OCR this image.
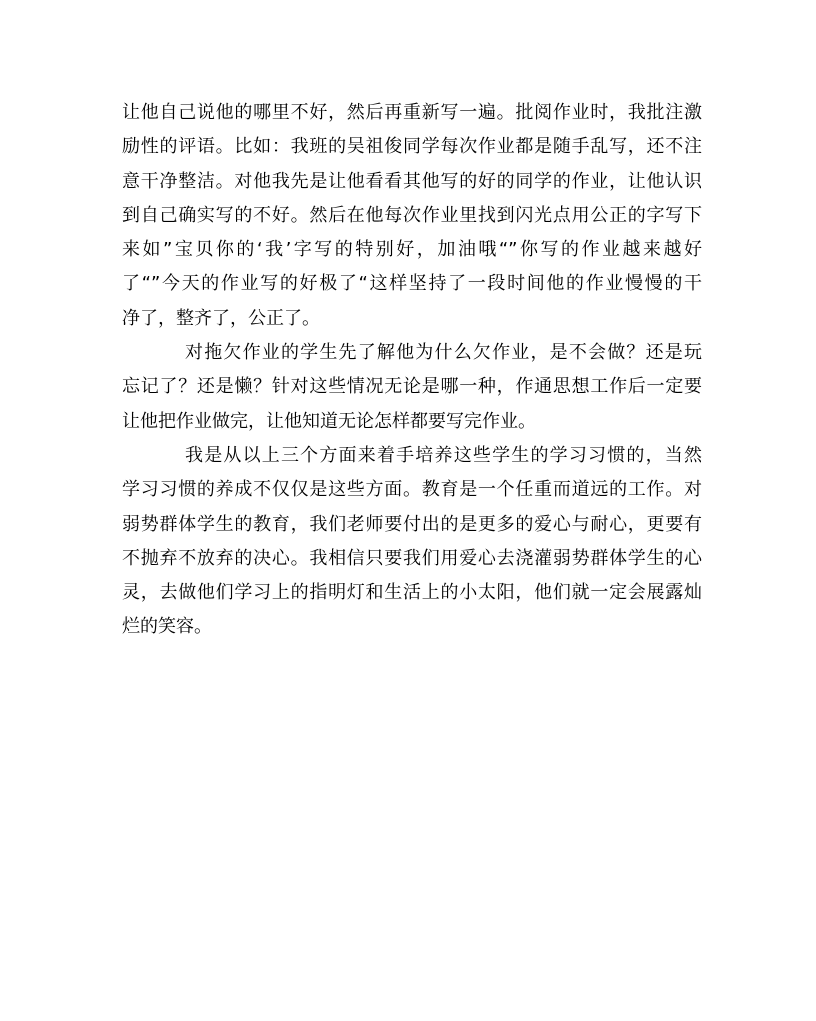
让他自己说他的哪里不好，然后再重新写一遍。批阅作业时，我批注激
励性的评语。比如：我班的吴祖俊同学每次作业都是随手乱写，还不注
意干净整洁。对他我先是让他看看其他写的好的同学的作业，让他认识
到自己确实写的不好。然后在他每次作业里找到闪光点用公正的字写下
来如”宝贝你的‘我’字写的特别好，加油哦“”你写的作业越来越好
了“”今天的作业写的好极了“这样坚持了一段时间他的作业慢慢的干
净了，整齐了，公正了。
对拖欠作业的学生先了解他为什么欠作业，是不会做？还是玩
忘记了？还是懒？针对这些情况无论是哪一种，作通思想工作后一定要
让他把作业做完，让他知道无论怎样都要写完作业。
我是从以上三个方面来着手培养这些学生的学习习惯的，当然
学习习惯的养成不仅仅是这些方面。教育是一个任重而道远的工作。对
弱势群体学生的教育，我们老师要付出的是更多的爱心与耐心，更要有
不抛弃不放弃的决心。我相信只要我们用爱心去浇灌弱势群体学生的心
灵，去做他们学习上的指明灯和生活上的小太阳，他们就一定会展露灿
烂的笑容。
